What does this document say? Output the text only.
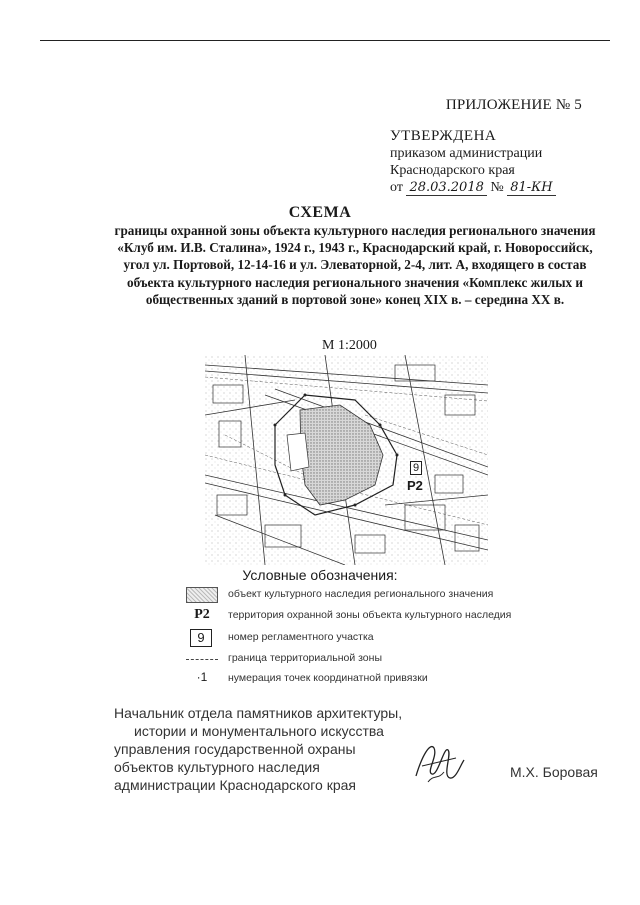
ПРИЛОЖЕНИЕ № 5
УТВЕРЖДЕНА
приказом администрации
Краснодарского края
от 28.03.2018 № 81-КН
СХЕМА
границы охранной зоны объекта культурного наследия регионального значения «Клуб им. И.В. Сталина», 1924 г., 1943 г., Краснодарский край, г. Новороссийск, угол ул. Портовой, 12-14-16 и ул. Элеваторной, 2-4, лит. А, входящего в состав объекта культурного наследия регионального значения «Комплекс жилых и общественных зданий в портовой зоне» конец XIX в. – середина XX в.
М 1:2000
9
Р2
Условные обозначения:
объект культурного наследия регионального значения
Р2	территория охранной зоны объекта культурного наследия
9	номер регламентного участка
граница территориальной зоны
·1	нумерация точек координатной привязки
Начальник отдела памятников архитектуры,
истории и монументального искусства
управления государственной охраны
объектов культурного наследия
администрации Краснодарского края
М.Х. Боровая
